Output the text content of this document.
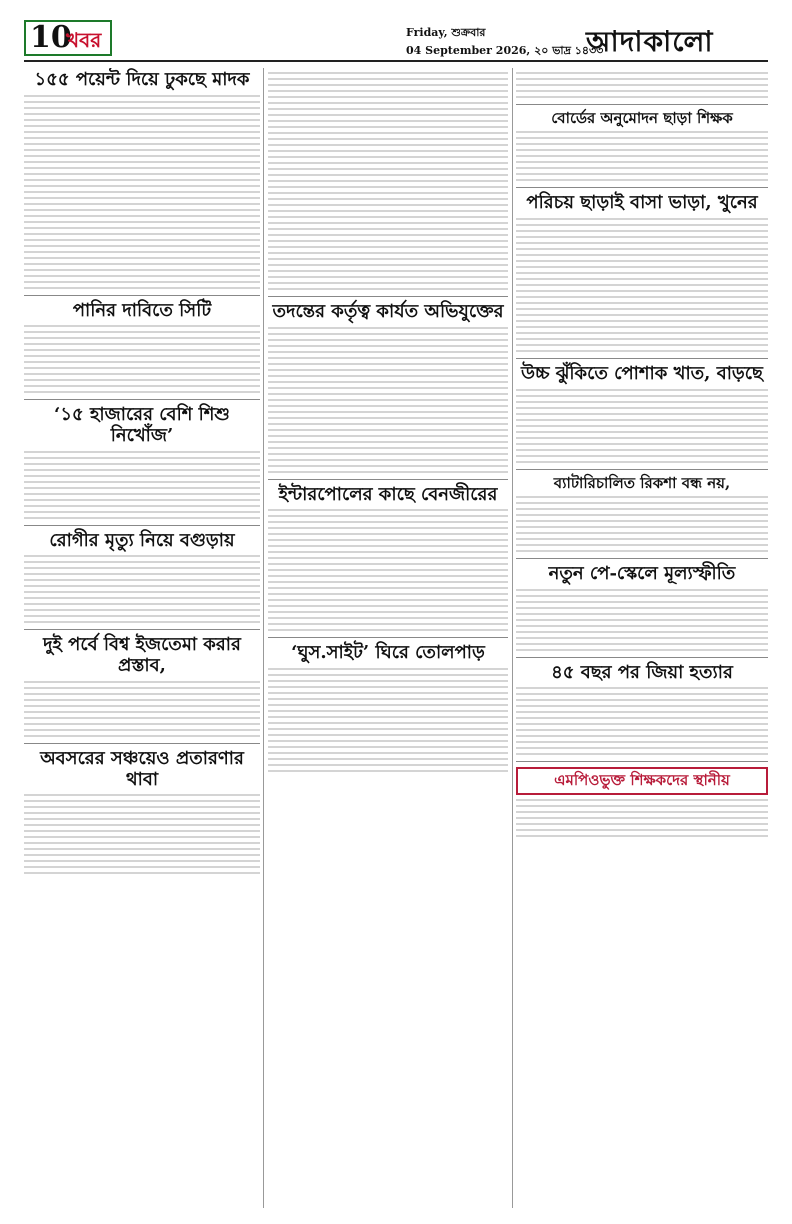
10
খবর	Friday, শুক্রবার
04 September 2026, ২০ ভাদ্র ১৪৩৩
আদাকালো
১৫৫ পয়েন্ট দিয়ে ঢুকছে মাদক
পানির দাবিতে সিটি
‘১৫ হাজারের বেশি শিশু নিখোঁজ’
রোগীর মৃত্যু নিয়ে বগুড়ায়
দুই পর্বে বিশ্ব ইজতেমা করার প্রস্তাব,
অবসরের সঞ্চয়েও প্রতারণার থাবা
তদন্তের কর্তৃত্ব কার্যত অভিযুক্তের
ইন্টারপোলের কাছে বেনজীরের
‘ঘুস.সাইট’ ঘিরে তোলপাড়
বোর্ডের অনুমোদন ছাড়া শিক্ষক
পরিচয় ছাড়াই বাসা ভাড়া, খুনের
উচ্চ ঝুঁকিতে পোশাক খাত, বাড়ছে
ব্যাটারিচালিত রিকশা বন্ধ নয়,
নতুন পে-স্কেলে মূল্যস্ফীতি
৪৫ বছর পর জিয়া হত্যার
এমপিওভুক্ত শিক্ষকদের স্থানীয়
